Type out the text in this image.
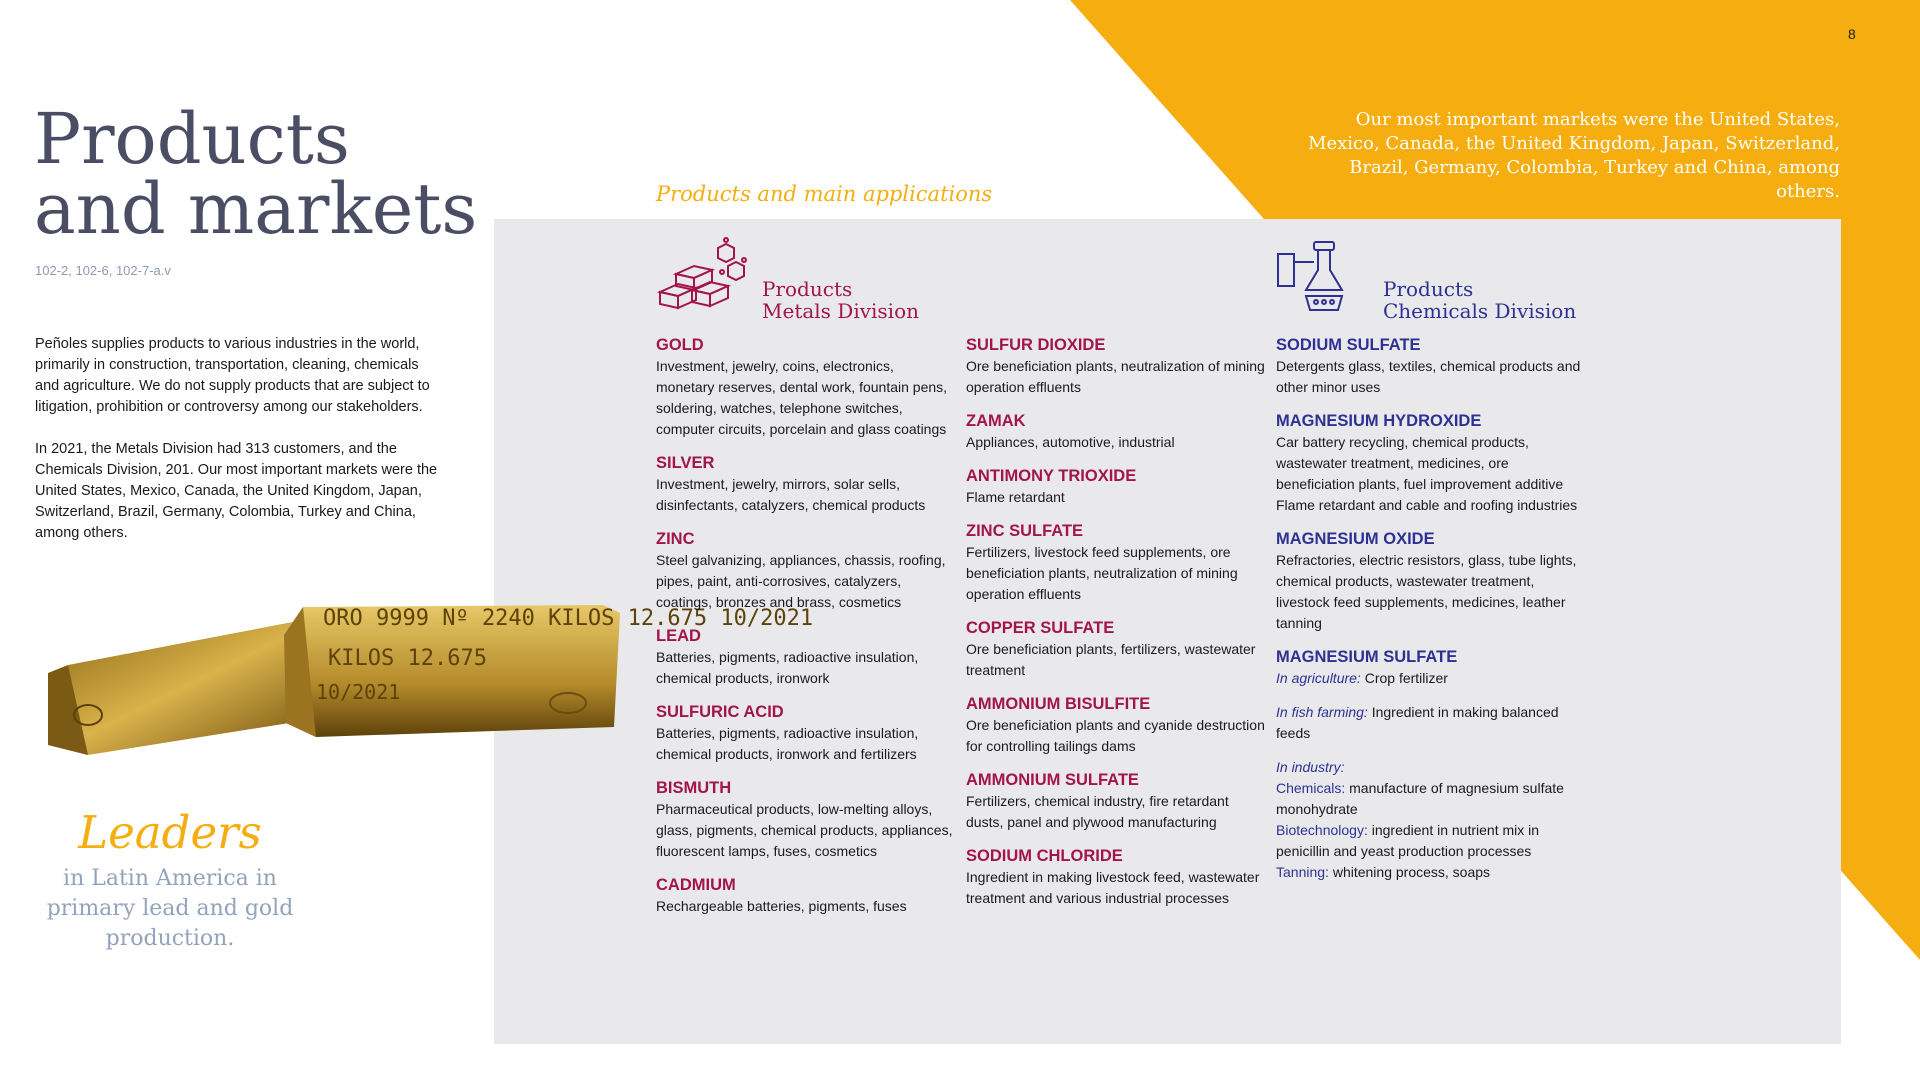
8
Products
and markets
102-2, 102-6, 102-7-a.v

Peñoles supplies products to various industries in the world, primarily in construction, transportation, cleaning, chemicals and agriculture. We do not supply products that are subject to litigation, prohibition or controversy among our stakeholders.

In 2021, the Metals Division had 313 customers, and the Chemicals Division, 201. Our most important markets were the United States, Mexico, Canada, the United Kingdom, Japan, Switzerland, Brazil, Germany, Colombia, Turkey and China, among others.

ORO 9999 Nº 2240 KILOS 12.675 10/2021
KILOS 12.675
10/2021
Leaders
in Latin America in primary lead and gold production.
Our most important markets were the United States, Mexico, Canada, the United Kingdom, Japan, Switzerland, Brazil, Germany, Colombia, Turkey and China, among others.
Products and main applications
Products
Metals Division
Products
Chemicals Division
GOLD
Investment, jewelry, coins, electronics, monetary reserves, dental work, fountain pens, soldering, watches, telephone switches, computer circuits, porcelain and glass coatings
SILVER
Investment, jewelry, mirrors, solar sells, disinfectants, catalyzers, chemical products
ZINC
Steel galvanizing, appliances, chassis, roofing, pipes, paint, anti-corrosives, catalyzers, coatings, bronzes and brass, cosmetics
LEAD
Batteries, pigments, radioactive insulation, chemical products, ironwork
SULFURIC ACID
Batteries, pigments, radioactive insulation, chemical products, ironwork and fertilizers
BISMUTH
Pharmaceutical products, low-melting alloys, glass, pigments, chemical products, appliances, fluorescent lamps, fuses, cosmetics
CADMIUM
Rechargeable batteries, pigments, fuses
SULFUR DIOXIDE
Ore beneficiation plants, neutralization of mining operation effluents
ZAMAK
Appliances, automotive, industrial
ANTIMONY TRIOXIDE
Flame retardant
ZINC SULFATE
Fertilizers, livestock feed supplements, ore beneficiation plants, neutralization of mining operation effluents
COPPER SULFATE
Ore beneficiation plants, fertilizers, wastewater treatment
AMMONIUM BISULFITE
Ore beneficiation plants and cyanide destruction for controlling tailings dams
AMMONIUM SULFATE
Fertilizers, chemical industry, fire retardant dusts, panel and plywood manufacturing
SODIUM CHLORIDE
Ingredient in making livestock feed, wastewater treatment and various industrial processes
SODIUM SULFATE
Detergents glass, textiles, chemical products and other minor uses
MAGNESIUM HYDROXIDE
Car battery recycling, chemical products, wastewater treatment, medicines, ore beneficiation plants, fuel improvement additive
Flame retardant and cable and roofing industries
MAGNESIUM OXIDE
Refractories, electric resistors, glass, tube lights, chemical products, wastewater treatment, livestock feed supplements, medicines, leather tanning
MAGNESIUM SULFATE
In agriculture: Crop fertilizer
In fish farming: Ingredient in making balanced feeds
In industry:
Chemicals: manufacture of magnesium sulfate monohydrate
Biotechnology: ingredient in nutrient mix in penicillin and yeast production processes
Tanning: whitening process, soaps
